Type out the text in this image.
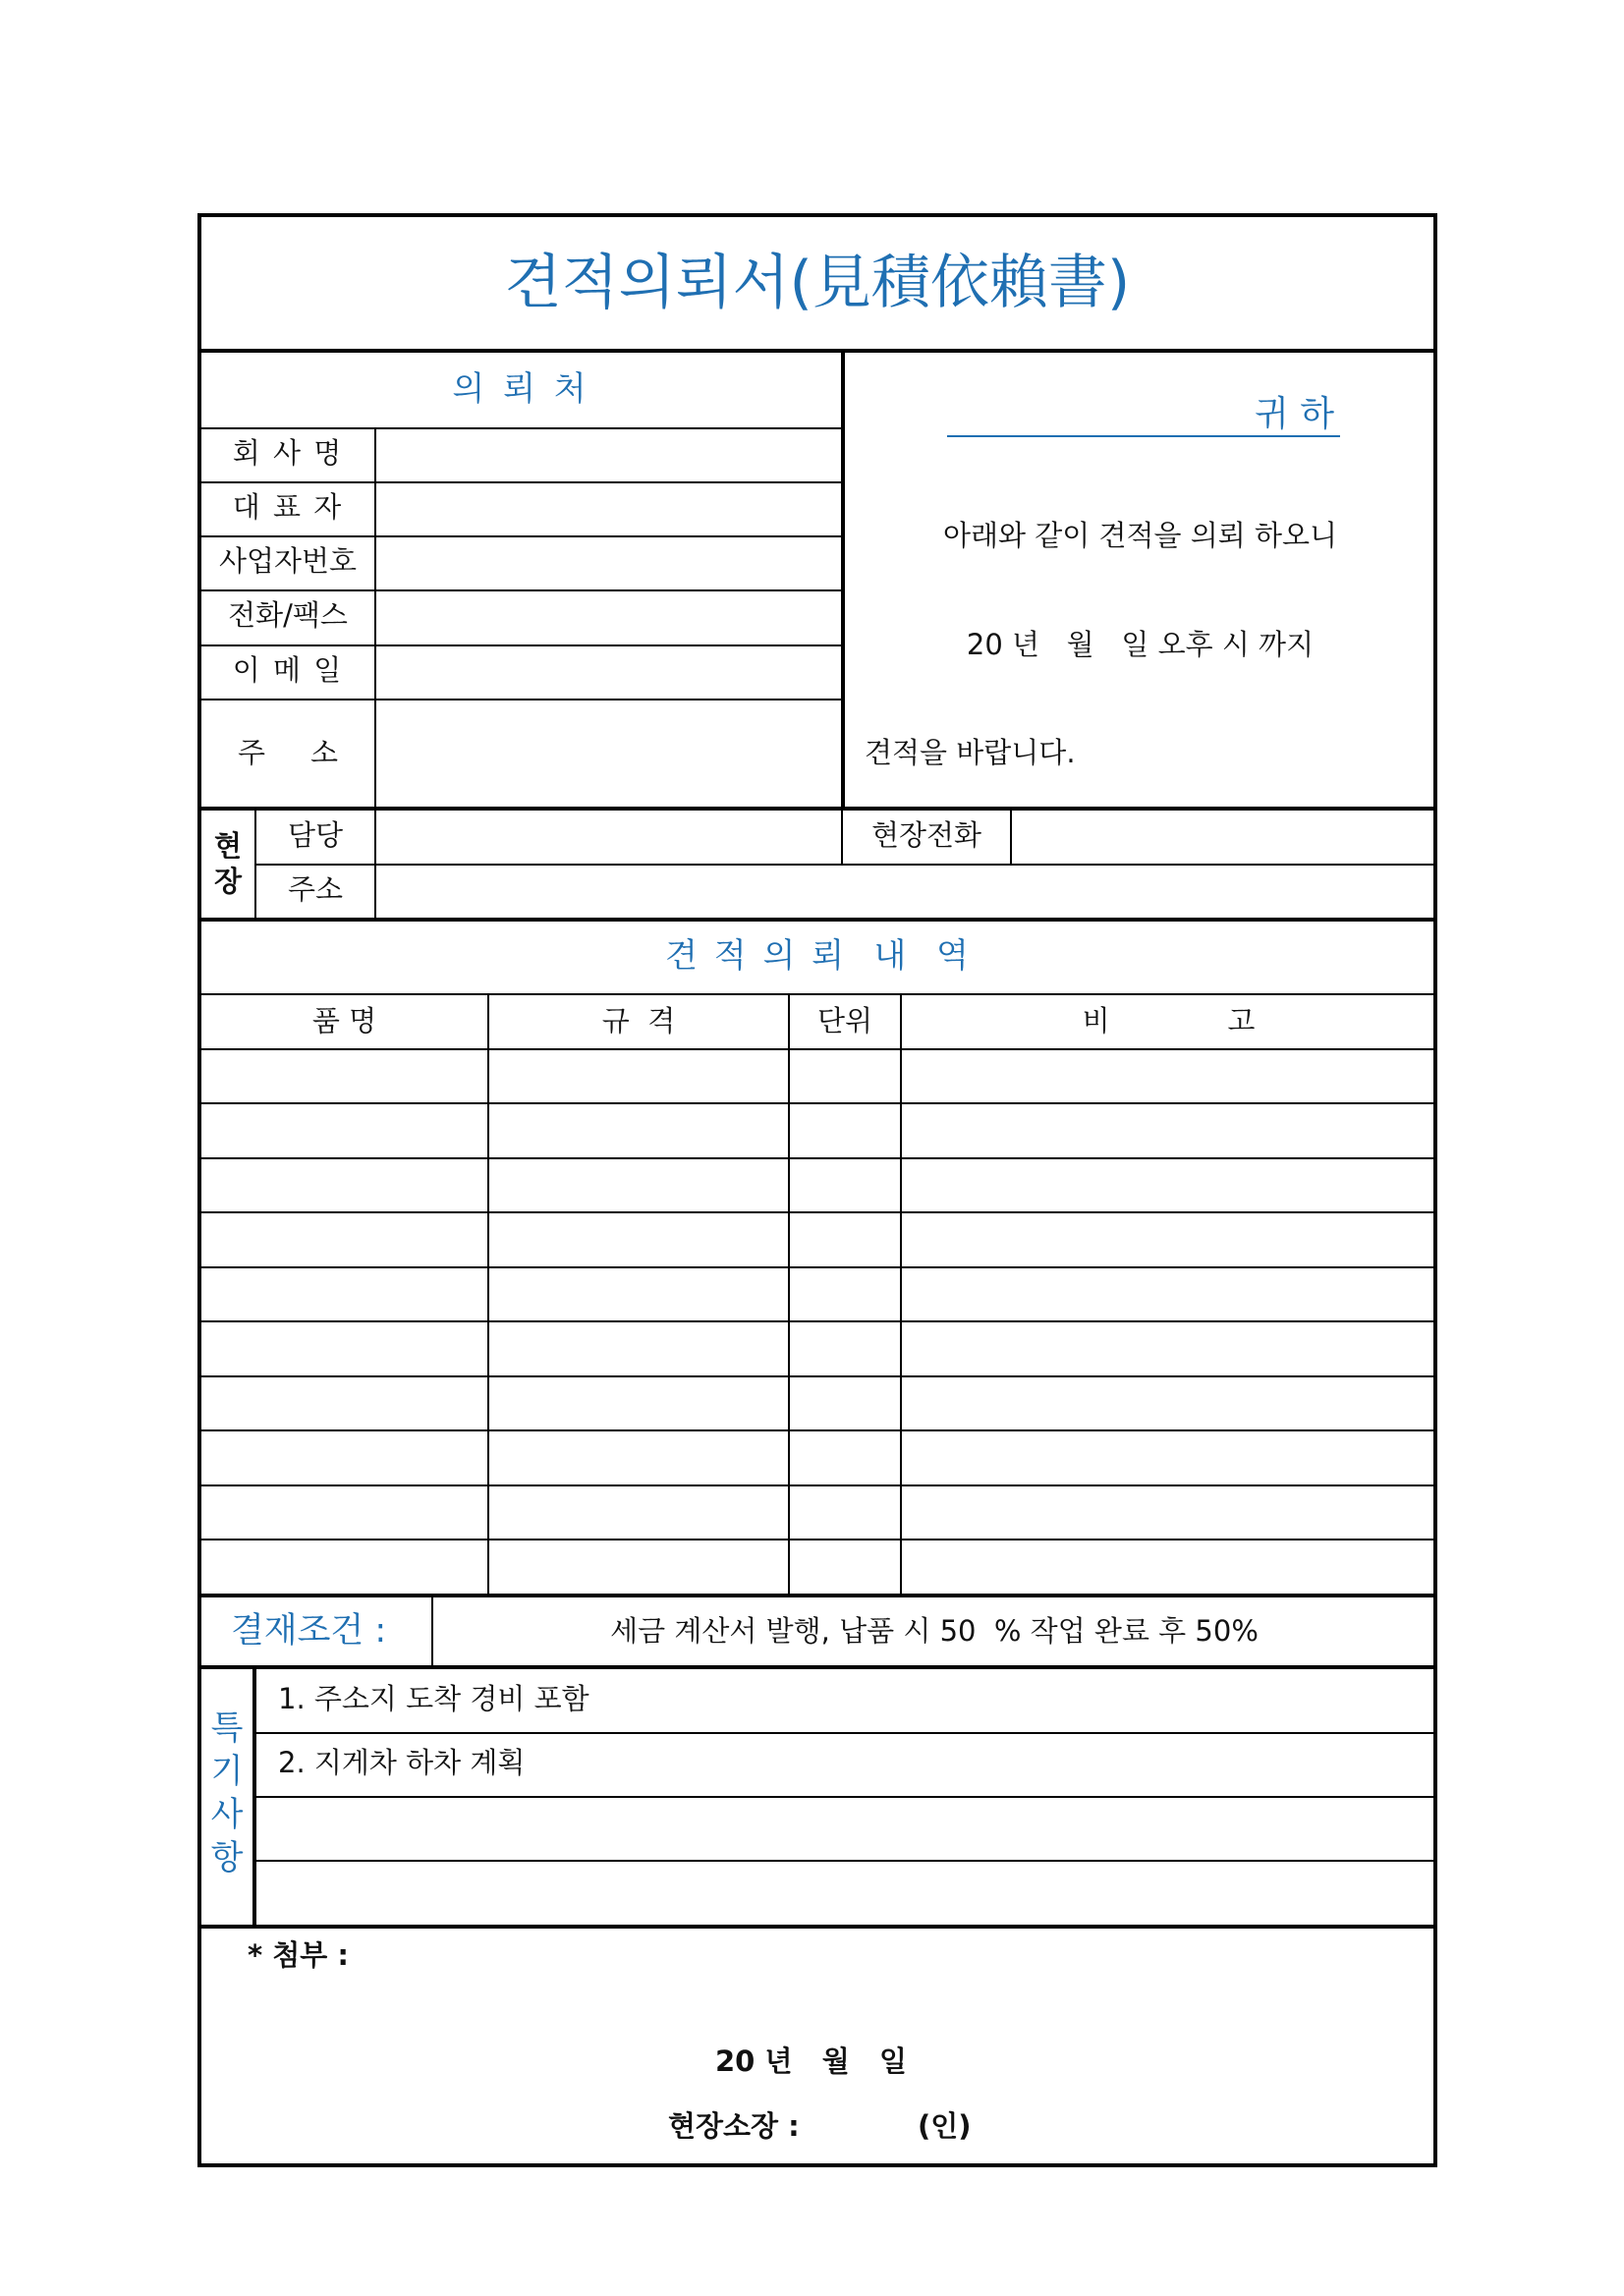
견적의뢰서(見積依賴書)
의 뢰 처
회 사 명
대 표 자
사업자번호
전화/팩스
이 메 일
주     소
귀 하
아래와 같이 견적을 의뢰 하오니
20 년   월   일 오후 시 까지
견적을 바랍니다.
현
장
담당	현장전화
주소
견 적 의 뢰  내  역
품 명	규  격	단위	비             고
결재조건 :	세금 계산서 발행, 납품 시 50  % 작업 완료 후 50%
특
기
사
항
1. 주소지 도착 경비 포함
2. 지게차 하차 계획
* 첨부 :
20 년   월   일
현장소장 :	(인)
